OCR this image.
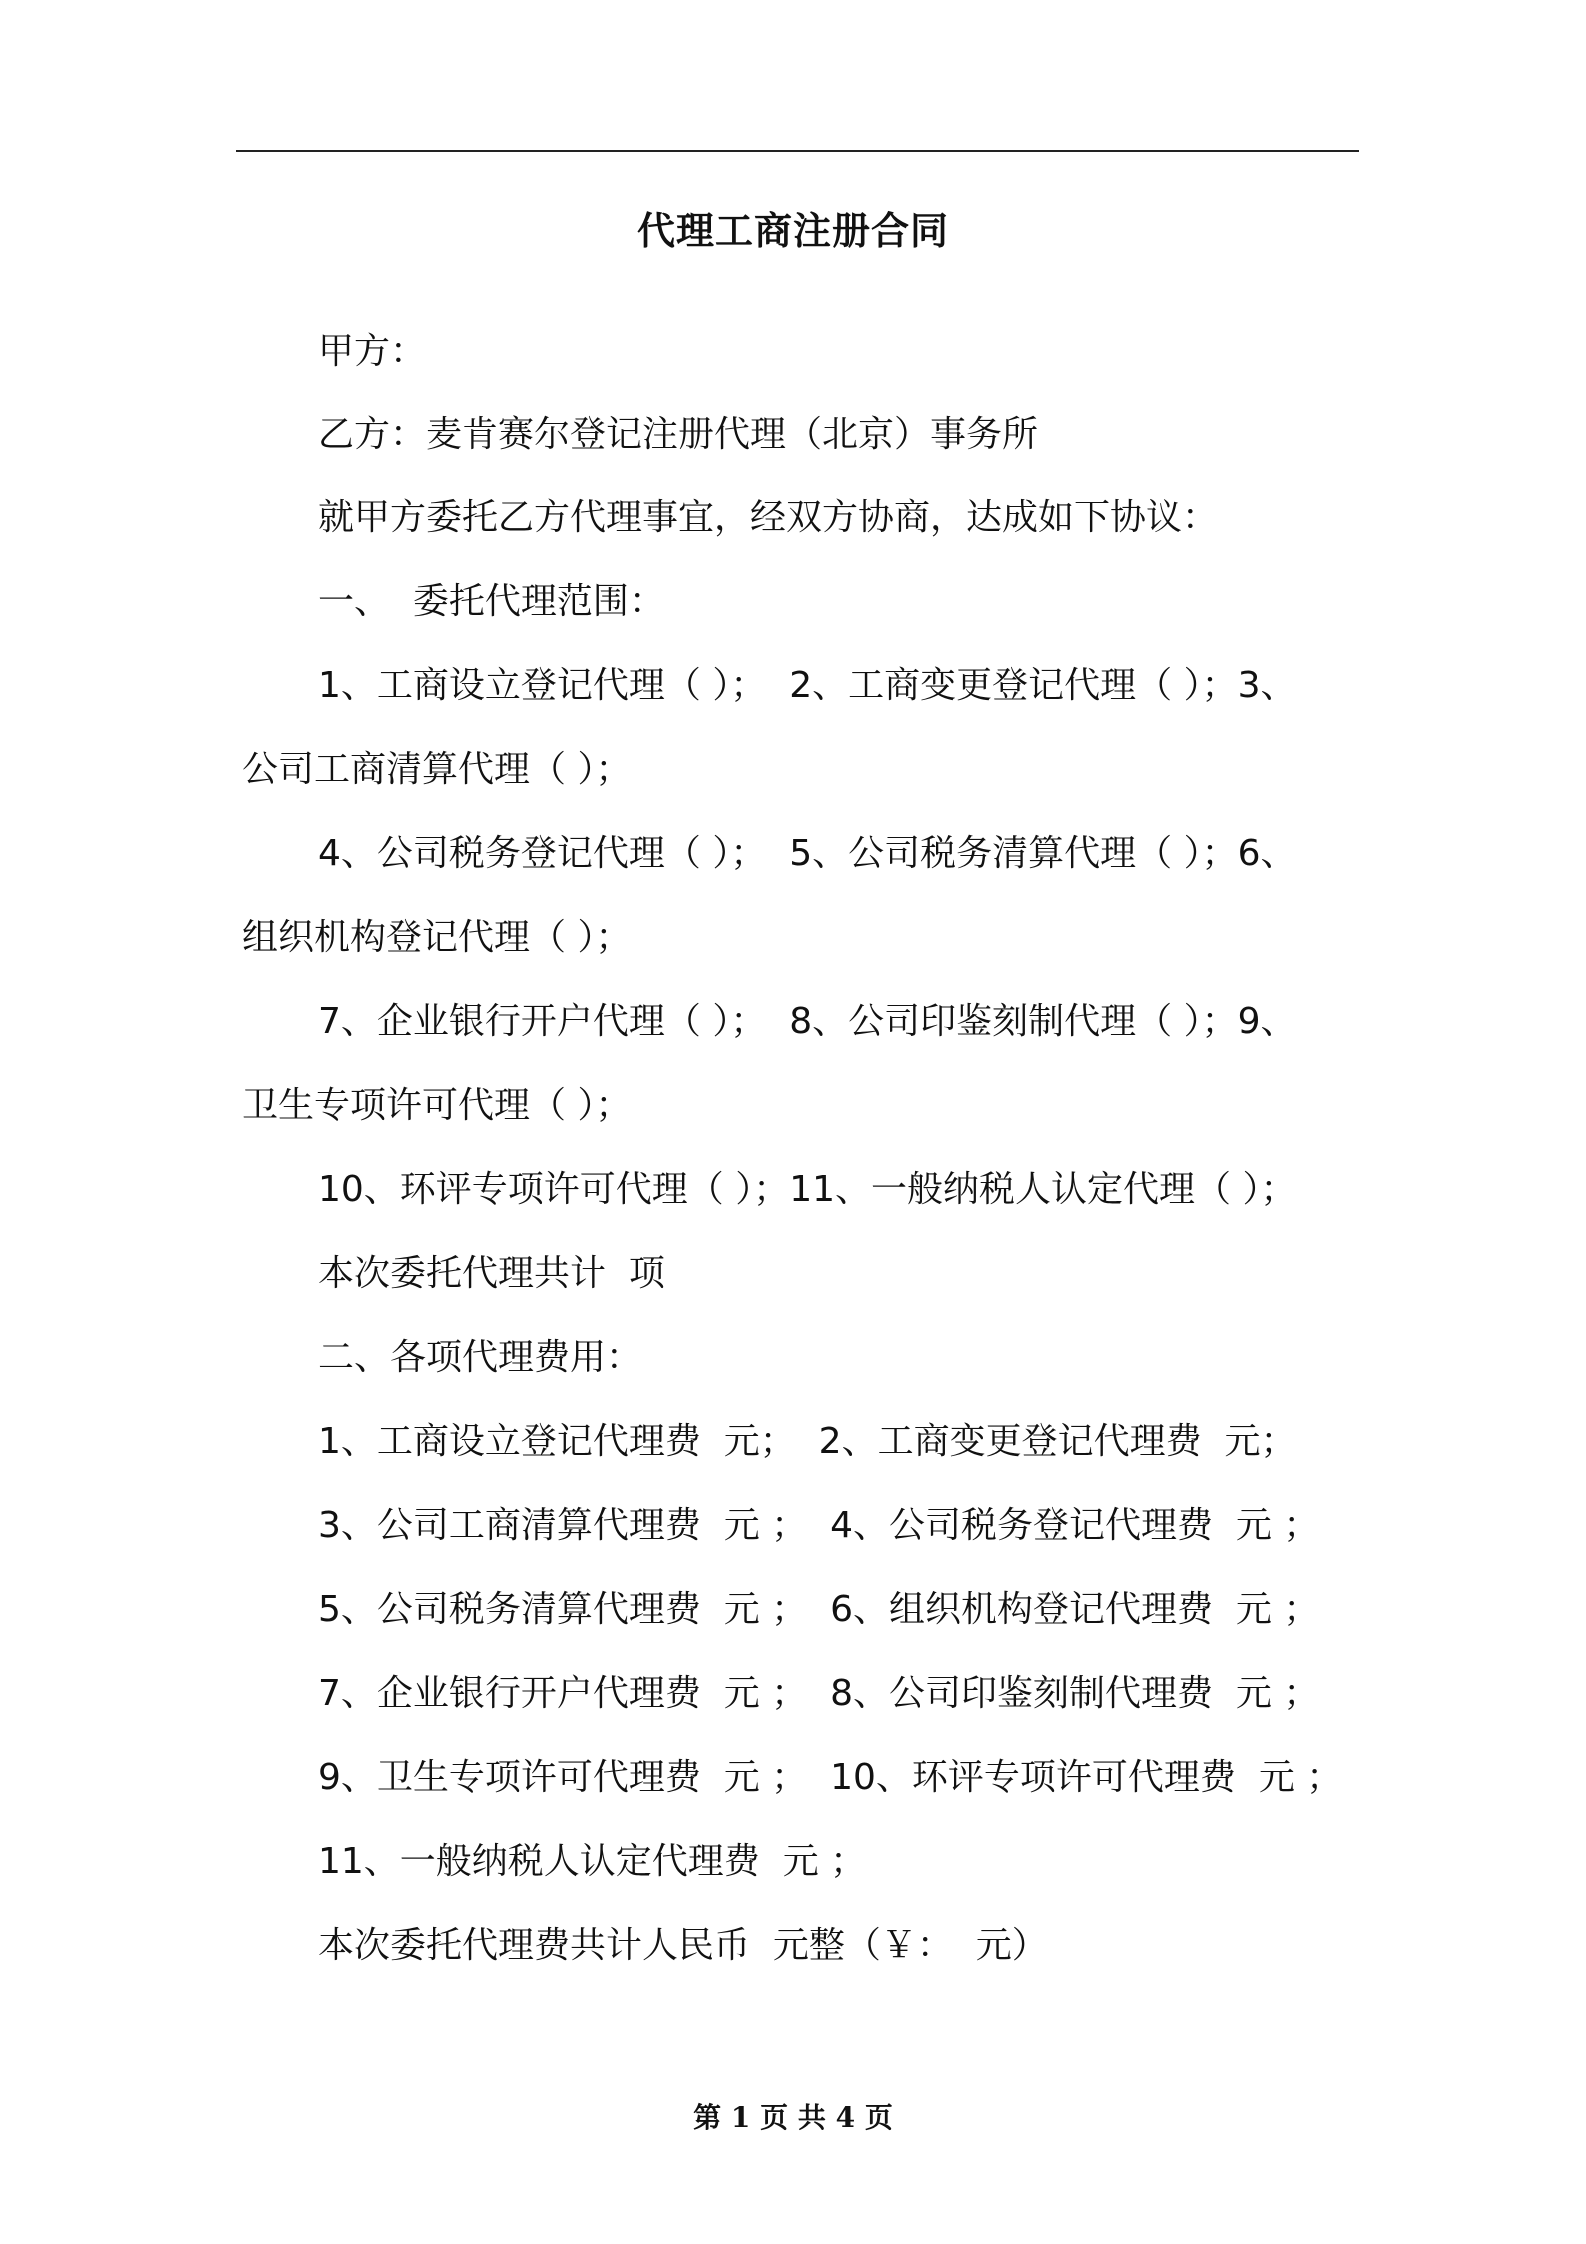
代理工商注册合同
甲方：
乙方：麦肯赛尔登记注册代理（北京）事务所
就甲方委托乙方代理事宜，经双方协商，达成如下协议：
一、  委托代理范围：
1、工商设立登记代理（ ）；  2、工商变更登记代理（ ）；3、
公司工商清算代理（ ）；
4、公司税务登记代理（ ）；  5、公司税务清算代理（ ）；6、
组织机构登记代理（ ）；
7、企业银行开户代理（ ）；  8、公司印鉴刻制代理（ ）；9、
卫生专项许可代理（ ）；
10、环评专项许可代理（ ）；11、一般纳税人认定代理（ ）；
本次委托代理共计  项
二、各项代理费用：
1、工商设立登记代理费  元；  2、工商变更登记代理费  元；
3、公司工商清算代理费  元 ；  4、公司税务登记代理费  元 ；
5、公司税务清算代理费  元 ；  6、组织机构登记代理费  元 ；
7、企业银行开户代理费  元 ；  8、公司印鉴刻制代理费  元 ；
9、卫生专项许可代理费  元 ；  10、环评专项许可代理费  元 ；
11、一般纳税人认定代理费  元 ；
本次委托代理费共计人民币  元整（￥：  元）
第 1 页 共 4 页
